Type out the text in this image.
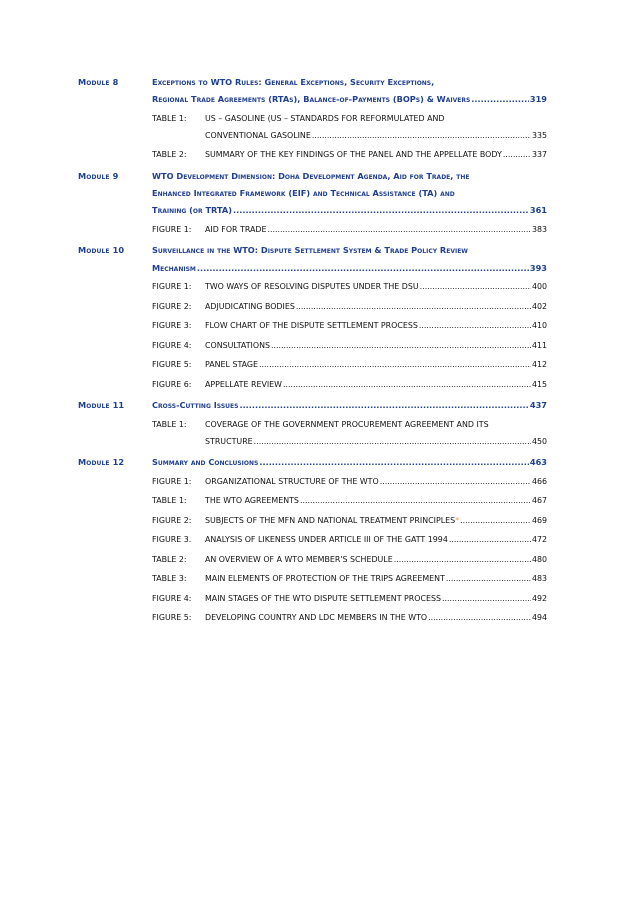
Module 8	Exceptions to WTO Rules: General Exceptions, Security Exceptions,
Regional Trade Agreements (RTAs), Balance-of-Payments (BOPs) & Waivers .....	319
TABLE 1:	US – GASOLINE (US – STANDARDS FOR REFORMULATED AND
CONVENTIONAL GASOLINE .....	335
TABLE 2:	SUMMARY OF THE KEY FINDINGS OF THE PANEL AND THE APPELLATE BODY .....	337
Module 9	WTO Development Dimension: Doha Development Agenda, Aid for Trade, the
Enhanced Integrated Framework (EIF) and Technical Assistance (TA) and
Training (or TRTA) .....	361
FIGURE 1:	AID FOR TRADE .....	383
Module 10	Surveillance in the WTO: Dispute Settlement System & Trade Policy Review
Mechanism .....	393
FIGURE 1:	TWO WAYS OF RESOLVING DISPUTES UNDER THE DSU .....	400
FIGURE 2:	ADJUDICATING BODIES .....	402
FIGURE 3:	FLOW CHART OF THE DISPUTE SETTLEMENT PROCESS .....	410
FIGURE 4:	CONSULTATIONS .....	411
FIGURE 5:	PANEL STAGE .....	412
FIGURE 6:	APPELLATE REVIEW .....	415
Module 11	Cross-Cutting Issues .....	437
TABLE 1:	COVERAGE OF THE GOVERNMENT PROCUREMENT AGREEMENT AND ITS
STRUCTURE .....	450
Module 12	Summary and Conclusions .....	463
FIGURE 1:	ORGANIZATIONAL STRUCTURE OF THE WTO .....	466
TABLE 1:	THE WTO AGREEMENTS .....	467
FIGURE 2:	SUBJECTS OF THE MFN AND NATIONAL TREATMENT PRINCIPLES * .....	469
FIGURE 3.	ANALYSIS OF LIKENESS UNDER ARTICLE III OF THE GATT 1994 .....	472
TABLE 2:	AN OVERVIEW OF A WTO MEMBER'S SCHEDULE .....	480
TABLE 3:	MAIN ELEMENTS OF PROTECTION OF THE TRIPS AGREEMENT .....	483
FIGURE 4:	MAIN STAGES OF THE WTO DISPUTE SETTLEMENT PROCESS .....	492
FIGURE 5:	DEVELOPING COUNTRY AND LDC MEMBERS IN THE WTO .....	494
